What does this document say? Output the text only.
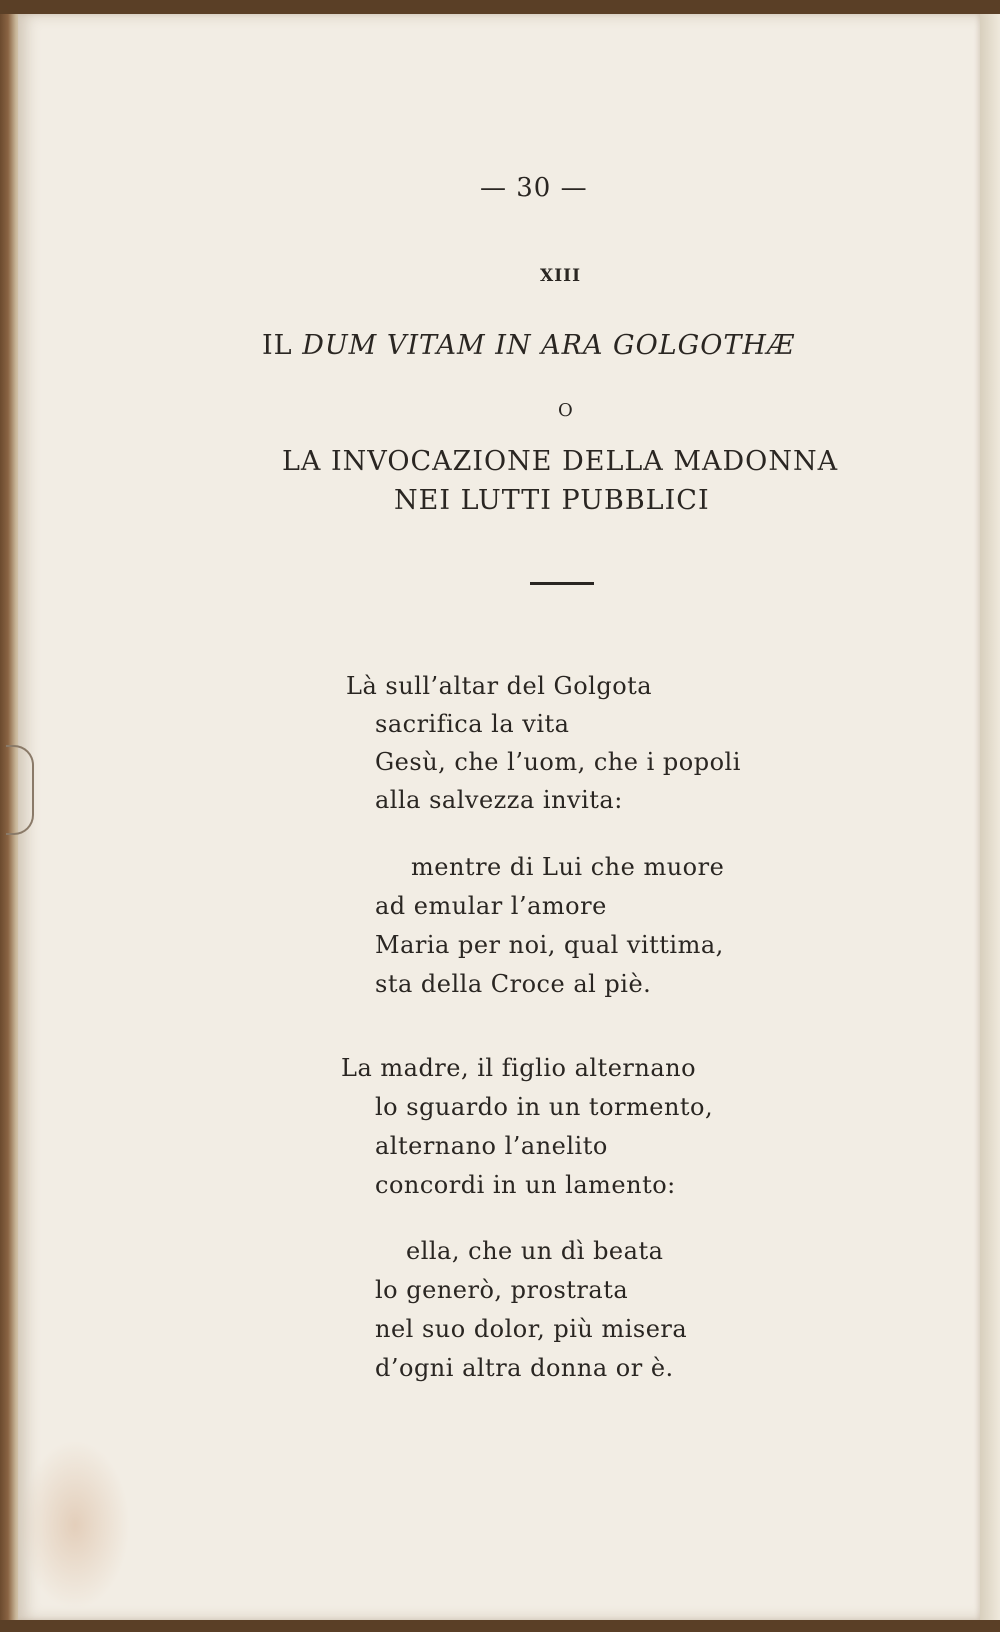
— 30 —
XIII
IL DUM VITAM IN ARA GOLGOTHÆ
O
LA INVOCAZIONE DELLA MADONNA
NEI LUTTI PUBBLICI
Là sull’altar del Golgota
sacrifica la vita
Gesù, che l’uom, che i popoli
alla salvezza invita:
mentre di Lui che muore
ad emular l’amore
Maria per noi, qual vittima,
sta della Croce al piè.
La madre, il figlio alternano
lo sguardo in un tormento,
alternano l’anelito
concordi in un lamento:
ella, che un dì beata
lo generò, prostrata
nel suo dolor, più misera
d’ogni altra donna or è.
